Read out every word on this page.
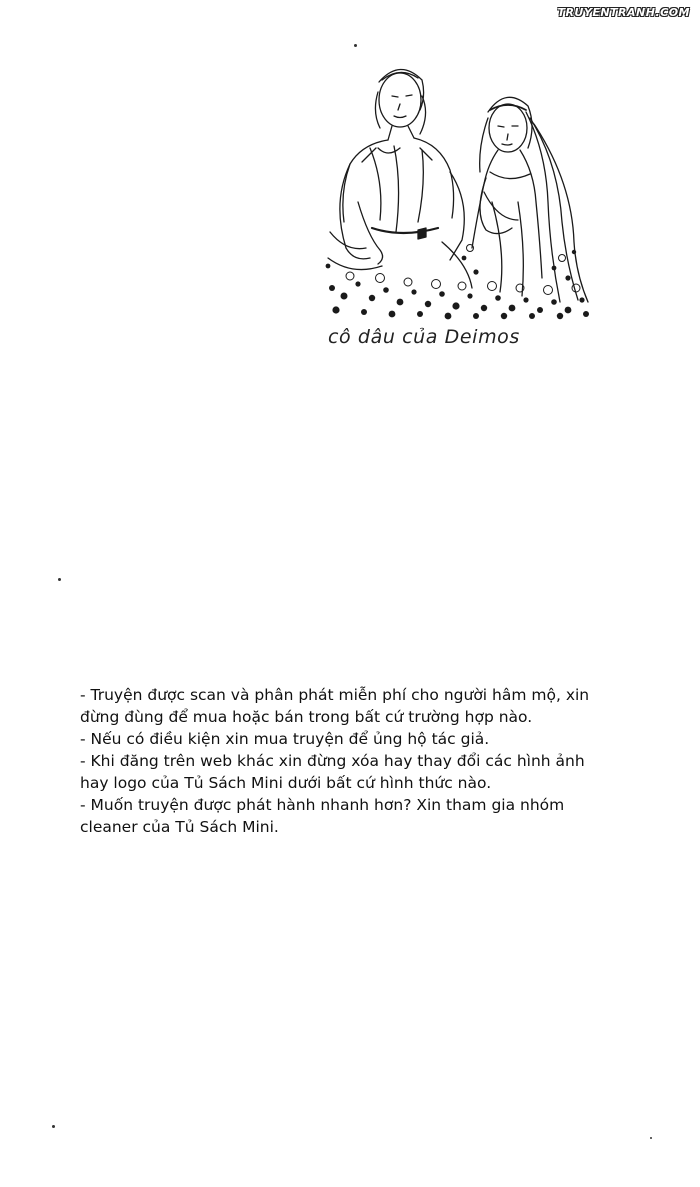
TRUYENTRANH.COM
cô dâu của Deimos
- Truyện được scan và phân phát miễn phí cho người hâm mộ, xin
đừng đùng để mua hoặc bán trong bất cứ trường hợp nào.
- Nếu có điều kiện xin mua truyện để ủng hộ tác giả.
- Khi đăng trên web khác xin đừng xóa hay thay đổi các hình ảnh
hay logo của Tủ Sách Mini dưới bất cứ hình thức nào.
- Muốn truyện được phát hành nhanh hơn? Xin tham gia nhóm
cleaner của Tủ Sách Mini.
